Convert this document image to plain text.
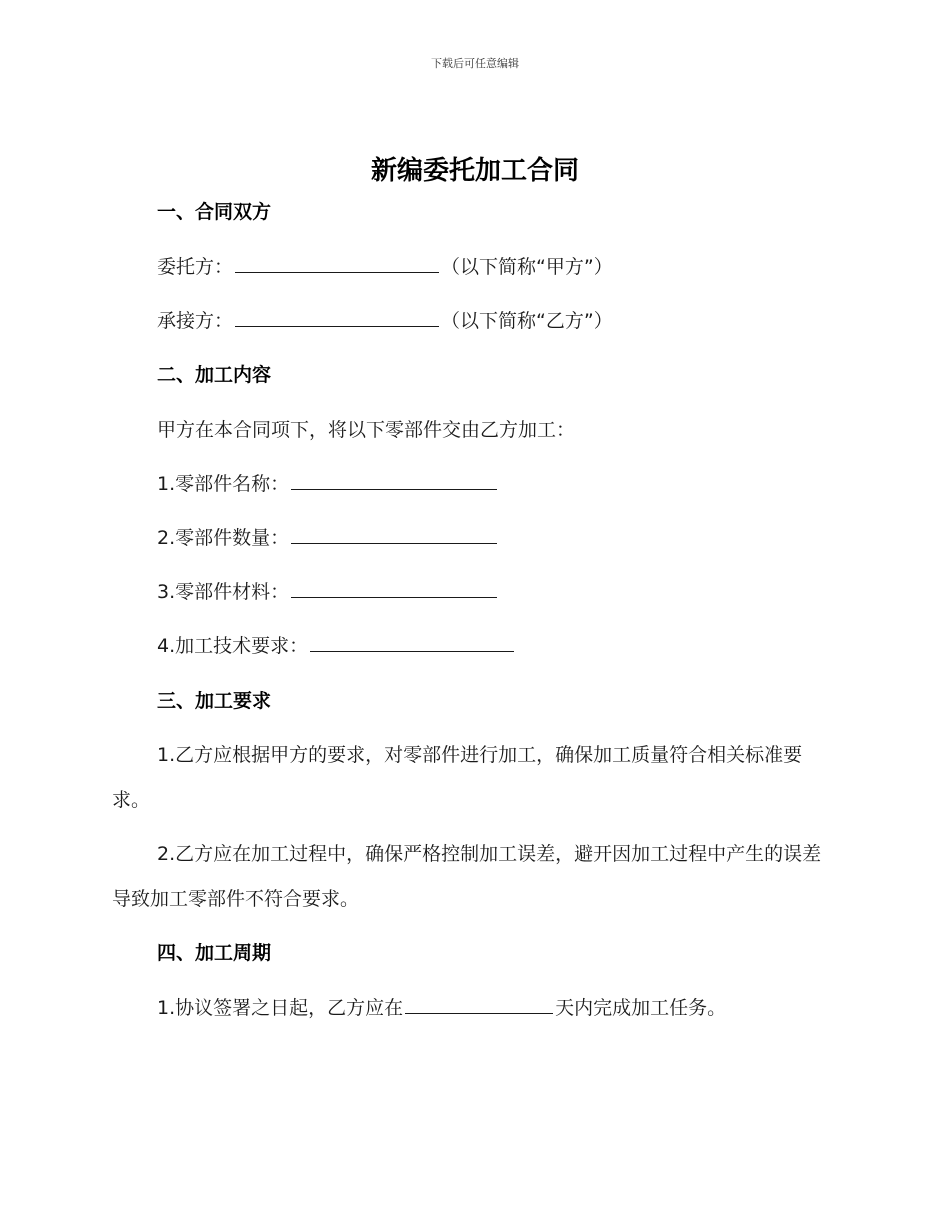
下载后可任意编辑
新编委托加工合同
一、合同双方
委托方：	（以下简称“甲方”）
承接方：	（以下简称“乙方”）
二、加工内容
甲方在本合同项下，将以下零部件交由乙方加工：
1.零部件名称：
2.零部件数量：
3.零部件材料：
4.加工技术要求：
三、加工要求
1.乙方应根据甲方的要求，对零部件进行加工，确保加工质量符合相关标准要求。
2.乙方应在加工过程中，确保严格控制加工误差，避开因加工过程中产生的误差导致加工零部件不符合要求。
四、加工周期
1.协议签署之日起，乙方应在	天内完成加工任务。
